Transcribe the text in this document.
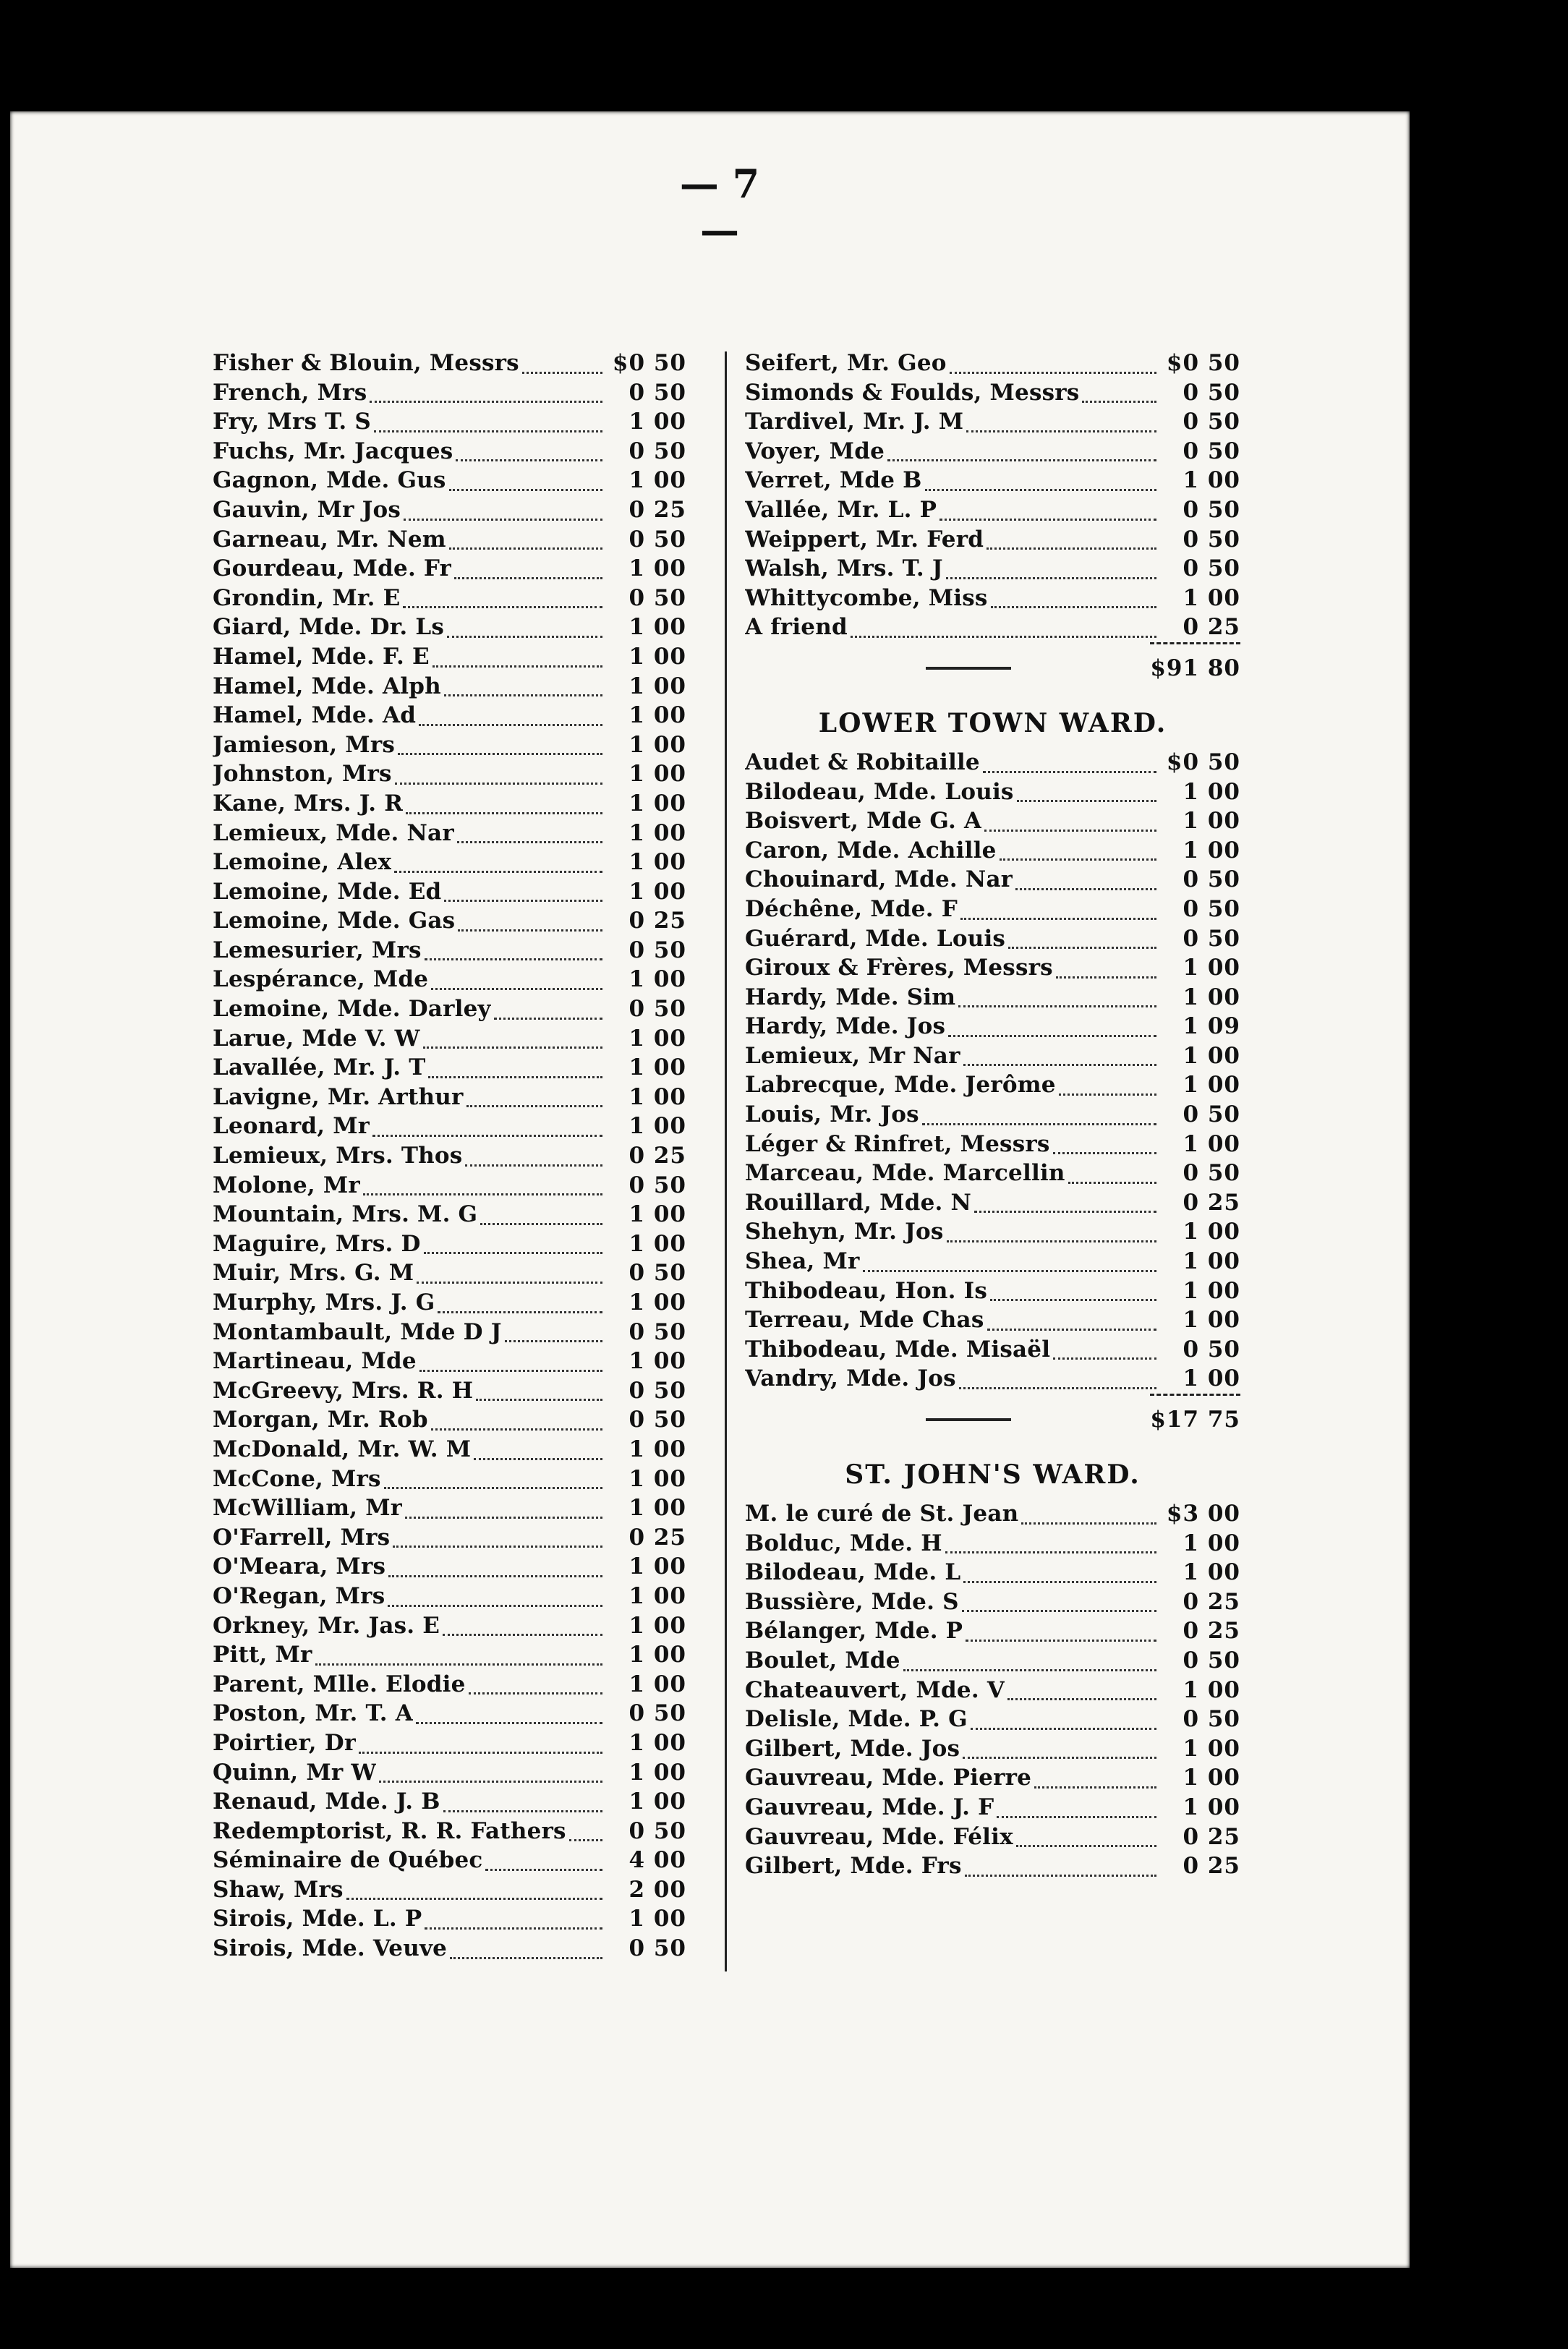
— 7 —
Fisher & Blouin, Messrs	$0 50
French, Mrs	0 50
Fry, Mrs T. S	1 00
Fuchs, Mr. Jacques	0 50
Gagnon, Mde. Gus	1 00
Gauvin, Mr Jos	0 25
Garneau, Mr. Nem	0 50
Gourdeau, Mde. Fr	1 00
Grondin, Mr. E	0 50
Giard, Mde. Dr. Ls	1 00
Hamel, Mde. F. E	1 00
Hamel, Mde. Alph	1 00
Hamel, Mde. Ad	1 00
Jamieson, Mrs	1 00
Johnston, Mrs	1 00
Kane, Mrs. J. R	1 00
Lemieux, Mde. Nar	1 00
Lemoine, Alex	1 00
Lemoine, Mde. Ed	1 00
Lemoine, Mde. Gas	0 25
Lemesurier, Mrs	0 50
Lespérance, Mde	1 00
Lemoine, Mde. Darley	0 50
Larue, Mde V. W	1 00
Lavallée, Mr. J. T	1 00
Lavigne, Mr. Arthur	1 00
Leonard, Mr	1 00
Lemieux, Mrs. Thos	0 25
Molone, Mr	0 50
Mountain, Mrs. M. G	1 00
Maguire, Mrs. D	1 00
Muir, Mrs. G. M	0 50
Murphy, Mrs. J. G	1 00
Montambault, Mde D J	0 50
Martineau, Mde	1 00
McGreevy, Mrs. R. H	0 50
Morgan, Mr. Rob	0 50
McDonald, Mr. W. M	1 00
McCone, Mrs	1 00
McWilliam, Mr	1 00
O'Farrell, Mrs	0 25
O'Meara, Mrs	1 00
O'Regan, Mrs	1 00
Orkney, Mr. Jas. E	1 00
Pitt, Mr	1 00
Parent, Mlle. Elodie	1 00
Poston, Mr. T. A	0 50
Poirtier, Dr	1 00
Quinn, Mr W	1 00
Renaud, Mde. J. B	1 00
Redemptorist, R. R. Fathers	0 50
Séminaire de Québec	4 00
Shaw, Mrs	2 00
Sirois, Mde. L. P	1 00
Sirois, Mde. Veuve	0 50
Seifert, Mr. Geo	$0 50
Simonds & Foulds, Messrs	0 50
Tardivel, Mr. J. M	0 50
Voyer, Mde	0 50
Verret, Mde B	1 00
Vallée, Mr. L. P	0 50
Weippert, Mr. Ferd	0 50
Walsh, Mrs. T. J	0 50
Whittycombe, Miss	1 00
A friend	0 25
$91 80
LOWER TOWN WARD.
Audet & Robitaille	$0 50
Bilodeau, Mde. Louis	1 00
Boisvert, Mde G. A	1 00
Caron, Mde. Achille	1 00
Chouinard, Mde. Nar	0 50
Déchêne, Mde. F	0 50
Guérard, Mde. Louis	0 50
Giroux & Frères, Messrs	1 00
Hardy, Mde. Sim	1 00
Hardy, Mde. Jos	1 09
Lemieux, Mr Nar	1 00
Labrecque, Mde. Jerôme	1 00
Louis, Mr. Jos	0 50
Léger & Rinfret, Messrs	1 00
Marceau, Mde. Marcellin	0 50
Rouillard, Mde. N	0 25
Shehyn, Mr. Jos	1 00
Shea, Mr	1 00
Thibodeau, Hon. Is	1 00
Terreau, Mde Chas	1 00
Thibodeau, Mde. Misaël	0 50
Vandry, Mde. Jos	1 00
$17 75
ST. JOHN'S WARD.
M. le curé de St. Jean	$3 00
Bolduc, Mde. H	1 00
Bilodeau, Mde. L	1 00
Bussière, Mde. S	0 25
Bélanger, Mde. P	0 25
Boulet, Mde	0 50
Chateauvert, Mde. V	1 00
Delisle, Mde. P. G	0 50
Gilbert, Mde. Jos	1 00
Gauvreau, Mde. Pierre	1 00
Gauvreau, Mde. J. F	1 00
Gauvreau, Mde. Félix	0 25
Gilbert, Mde. Frs	0 25
